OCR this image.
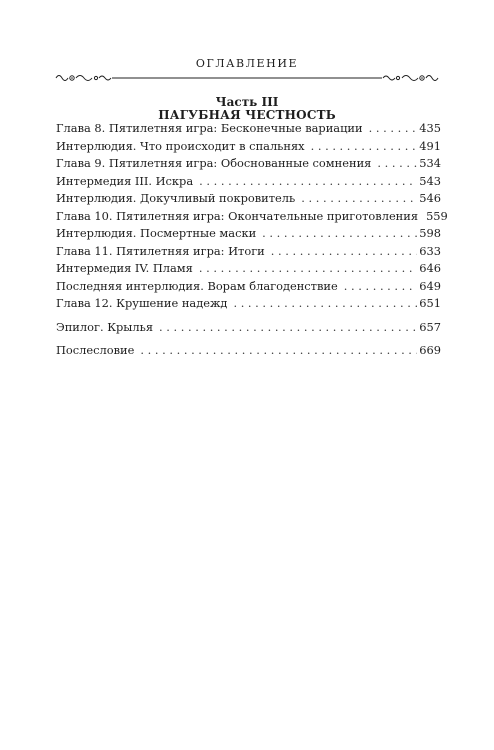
ОГЛАВЛЕНИЕ
Часть III
ПАГУБНАЯ ЧЕСТНОСТЬ
Глава 8. Пятилетняя игра: Бесконечные вариации . . .	435
Интерлюдия. Что происходит в спальнях . . .	491
Глава 9. Пятилетняя игра: Обоснованные сомнения . . .	534
Интермедия III. Искра . . .	543
Интерлюдия. Докучливый покровитель . . .	546
Глава 10. Пятилетняя игра: Окончательные приготовления 559
Интерлюдия. Посмертные маски . . .	598
Глава 11. Пятилетняя игра: Итоги . . .	633
Интермедия IV. Пламя . . .	646
Последняя интерлюдия. Ворам благоденствие . . .	649
Глава 12. Крушение надежд . . .	651
Эпилог. Крылья . . .	657
Послесловие . . .	669
